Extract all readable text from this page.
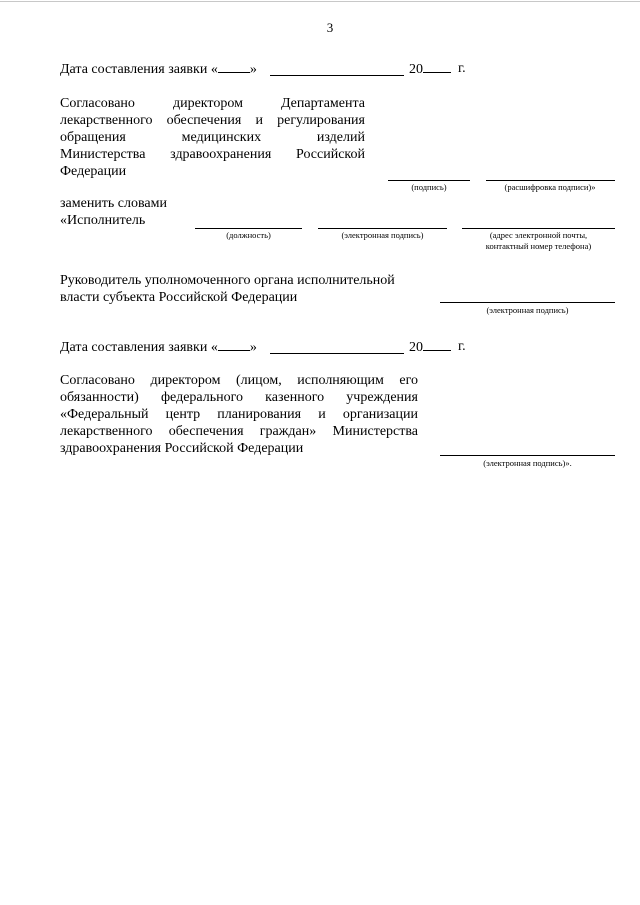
3
Дата составления заявки « »	20	г.
Согласовано директором Департамента
лекарственного обеспечения и регулирования
обращения медицинских изделий
Министерства здравоохранения Российской
Федерации
(подпись)	(расшифровка подписи)»
заменить словами
«Исполнитель
(должность)	(электронная подпись)	(адрес электронной почты,
контактный номер телефона)
Руководитель уполномоченного органа исполнительной
власти субъекта Российской Федерации
(электронная подпись)
Дата составления заявки « »	20	г.
Согласовано директором (лицом, исполняющим его
обязанности) федерального казенного учреждения
«Федеральный центр планирования и организации
лекарственного обеспечения граждан» Министерства
здравоохранения Российской Федерации
(электронная подпись)».
